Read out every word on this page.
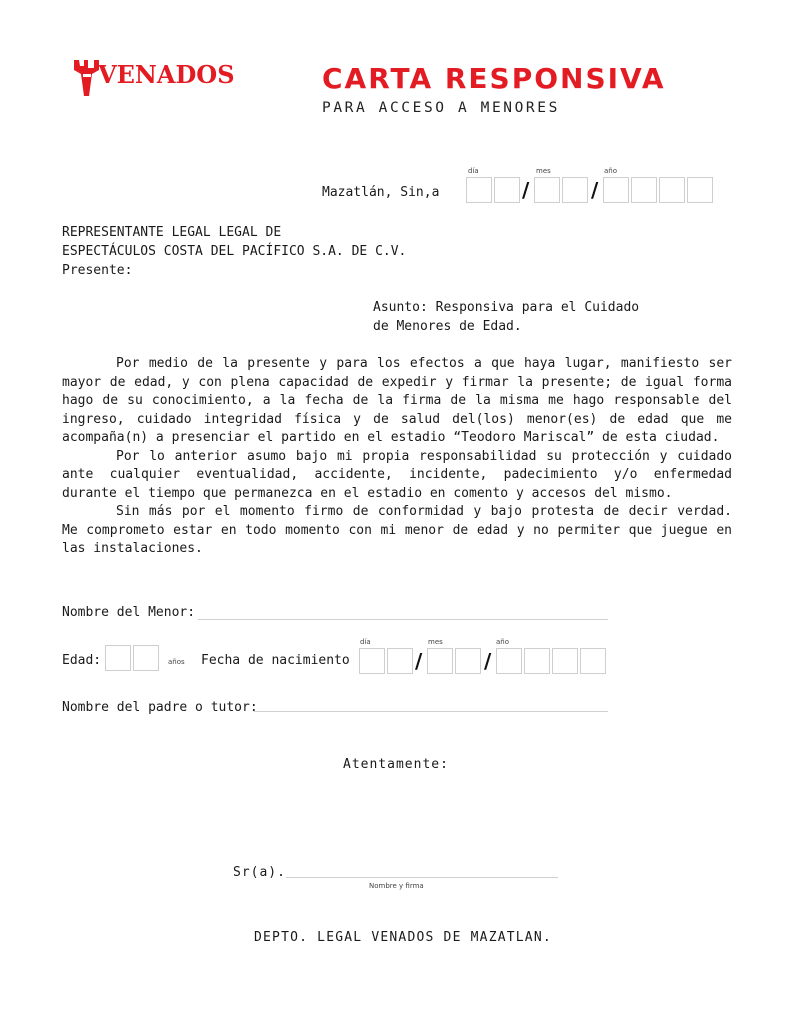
VENADOS	CARTA RESPONSIVA
PARA ACCESO A MENORES
Mazatlán, Sin,a
día	mes	año
/	/
REPRESENTANTE LEGAL LEGAL DE
ESPECTÁCULOS COSTA DEL PACÍFICO S.A. DE C.V.
Presente:
Asunto: Responsiva para el Cuidado
de Menores de Edad.

Por medio de la presente y para los efectos a que haya lugar, manifiesto ser mayor de edad, y con plena capacidad de expedir y firmar la presente; de igual forma hago de su conocimiento, a la fecha de la firma de la misma me hago responsable del ingreso, cuidado integridad física y de salud del(los) menor(es) de edad que me acompaña(n) a presenciar el partido en el estadio “Teodoro Mariscal” de esta ciudad.

Por lo anterior asumo bajo mi propia responsabilidad su protección y cuidado ante cualquier eventualidad, accidente, incidente, padecimiento y/o enfermedad durante el tiempo que permanezca en el estadio en comento y accesos del mismo.

Sin más por el momento firmo de conformidad y bajo protesta de decir verdad. Me comprometo estar en todo momento con mi menor de edad y no permiter que juegue en las instalaciones.

Nombre del Menor:
Edad:	años Fecha de nacimiento
día	mes	año
/	/
Nombre del padre o tutor:
Atentamente:
Sr(a).
Nombre y firma
DEPTO. LEGAL VENADOS DE MAZATLAN.
